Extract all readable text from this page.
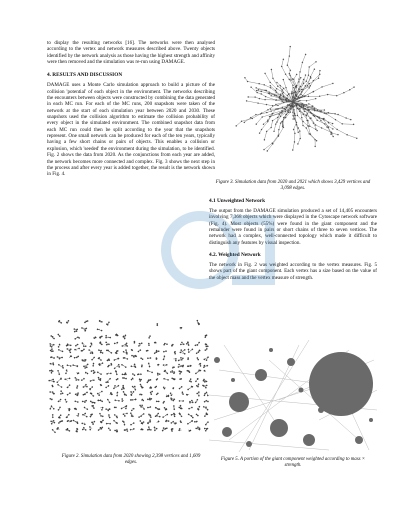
to display the resulting networks [16]. The networks were then analysed according to the vertex and network measures described above. Twenty objects identified by the network analysis as those having the highest strength and affinity were then removed and the simulation was re-run using DAMAGE.

4. RESULTS AND DISCUSSION

DAMAGE uses a Monte Carlo simulation approach to build a picture of the collision 'potential' of each object in the environment. The networks describing the encounters between objects were constructed by combining the data generated in each MC run. For each of the MC runs, 200 snapshots were taken of the network at the start of each simulation year between 2020 and 2030. These snapshots used the collision algorithm to estimate the collision probability of every object in the simulated environment. The combined snapshot data from each MC run could then be split according to the year that the snapshots represent. One small network can be produced for each of the ten years, typically having a few short chains or pairs of objects. This enables a collision or explosion, which 'seeded' the environment during the simulation, to be identified. Fig. 2 shows the data from 2020. As the conjunctions from each year are added, the network becomes more connected and complex. Fig. 3 shows the next step in the process and after every year is added together, the result is the network shown in Fig. 4.

Figure 2. Simulation data from 2020 showing 2,398 vertices and 1,609 edges.

Figure 3. Simulation data from 2020 and 2021 which shows 3,429 vertices and 3,098 edges.

4.1 Unweighted Network

The output from the DAMAGE simulation produced a set of 14,405 encounters involving 7,368 objects which were displayed in the Cytoscape network software (Fig. 4). Most objects (55%) were found in the giant component and the remainder were found in pairs or short chains of three to seven vertices. The network had a complex, well-connected topology which made it difficult to distinguish any features by visual inspection.

4.2. Weighted Network

The network in Fig. 2 was weighted according to the vertex measures. Fig. 5 shows part of the giant component. Each vertex has a size based on the value of the object mass and the vertex measure of strength.

Figure 5. A portion of the giant component weighted according to mass × strength.
